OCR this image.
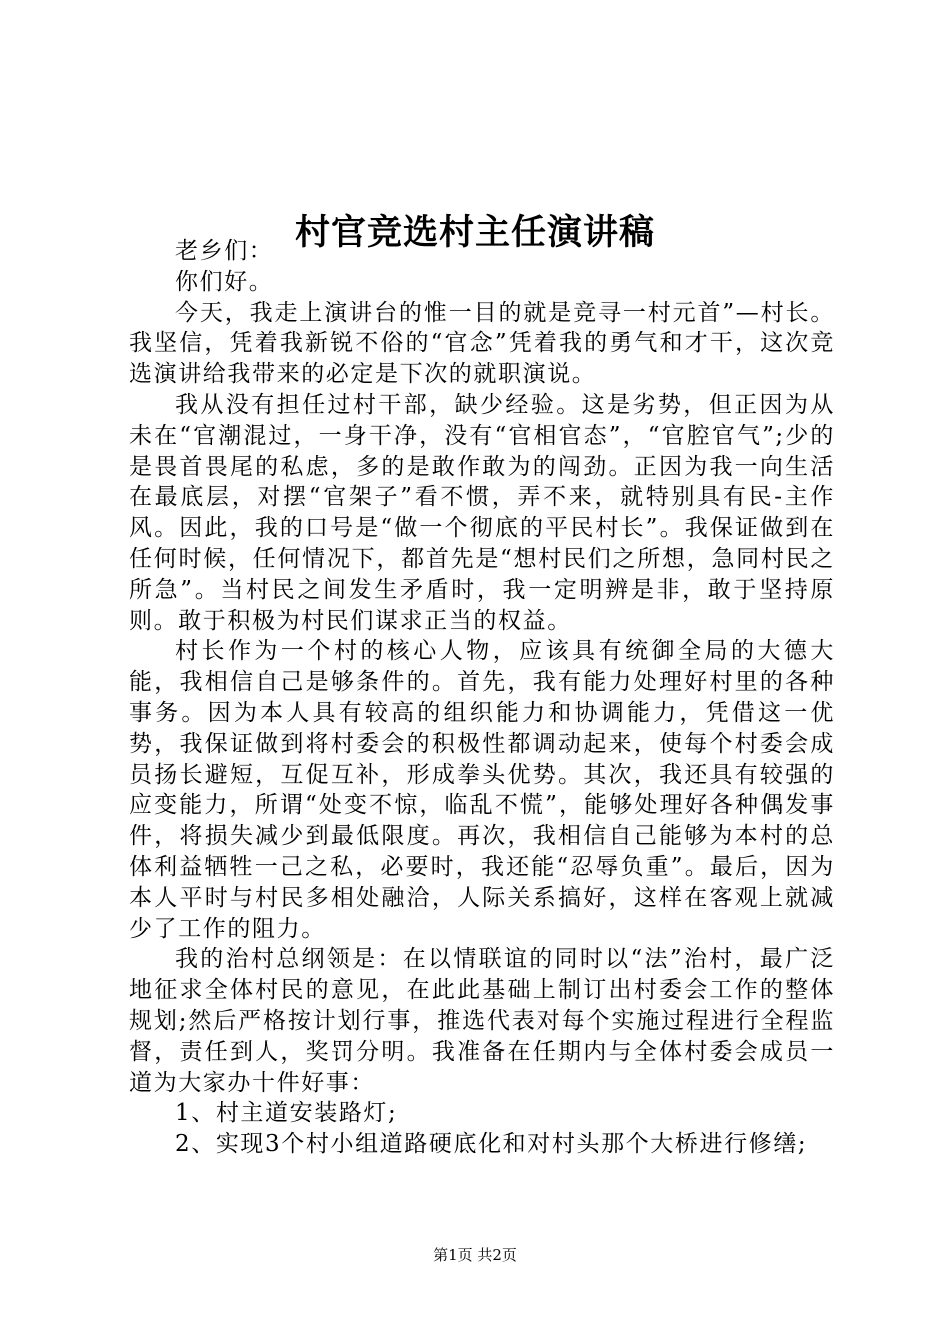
村官竞选村主任演讲稿

老乡们：

你们好。

今天，我走上演讲台的惟一目的就是竞寻一村元首”—村长。我坚信，凭着我新锐不俗的“官念”凭着我的勇气和才干，这次竞选演讲给我带来的必定是下次的就职演说。

我从没有担任过村干部，缺少经验。这是劣势，但正因为从未在“官潮混过，一身干净，没有“官相官态”，“官腔官气”;少的是畏首畏尾的私虑，多的是敢作敢为的闯劲。正因为我一向生活在最底层，对摆“官架子”看不惯，弄不来，就特别具有民-主作风。因此，我的口号是“做一个彻底的平民村长”。我保证做到在任何时候，任何情况下，都首先是“想村民们之所想，急同村民之所急”。当村民之间发生矛盾时，我一定明辨是非，敢于坚持原则。敢于积极为村民们谋求正当的权益。

村长作为一个村的核心人物，应该具有统御全局的大德大能，我相信自己是够条件的。首先，我有能力处理好村里的各种事务。因为本人具有较高的组织能力和协调能力，凭借这一优势，我保证做到将村委会的积极性都调动起来，使每个村委会成员扬长避短，互促互补，形成拳头优势。其次，我还具有较强的应变能力，所谓“处变不惊，临乱不慌”，能够处理好各种偶发事件，将损失减少到最低限度。再次，我相信自己能够为本村的总体利益牺牲一己之私，必要时，我还能“忍辱负重”。最后，因为本人平时与村民多相处融洽，人际关系搞好，这样在客观上就减少了工作的阻力。

我的治村总纲领是：在以情联谊的同时以“法”治村，最广泛地征求全体村民的意见，在此此基础上制订出村委会工作的整体规划;然后严格按计划行事，推选代表对每个实施过程进行全程监督，责任到人，奖罚分明。我准备在任期内与全体村委会成员一道为大家办十件好事：

1、村主道安装路灯;

2、实现3个村小组道路硬底化和对村头那个大桥进行修缮;

第1页 共2页
